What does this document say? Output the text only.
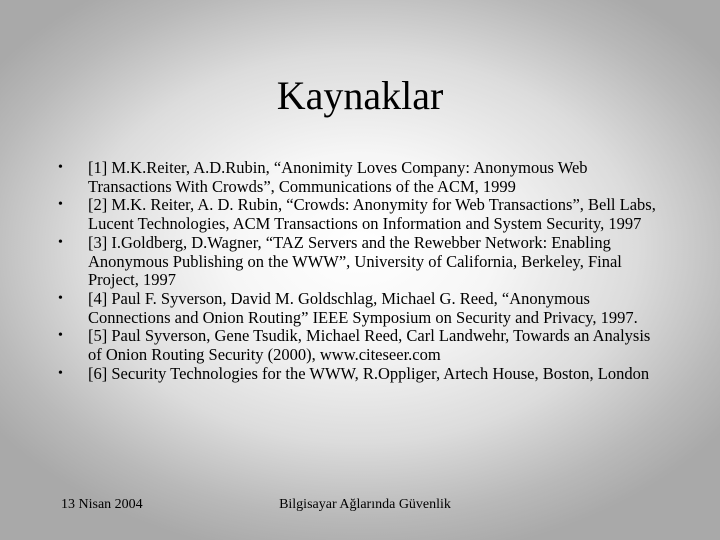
Kaynaklar
• [1] M.K.Reiter, A.D.Rubin, “Anonimity Loves Company: Anonymous Web Transactions With Crowds”, Communications of the ACM, 1999
• [2] M.K. Reiter, A. D. Rubin, “Crowds: Anonymity for Web Transactions”, Bell Labs, Lucent Technologies, ACM Transactions on Information and System Security, 1997
• [3] I.Goldberg, D.Wagner, “TAZ Servers and the Rewebber Network: Enabling Anonymous Publishing on the WWW”, University of California, Berkeley, Final Project, 1997
• [4] Paul F. Syverson, David M. Goldschlag, Michael G. Reed, “Anonymous Connections and Onion Routing” IEEE Symposium on Security and Privacy, 1997.
• [5] Paul Syverson, Gene Tsudik, Michael Reed, Carl Landwehr, Towards an Analysis of Onion Routing Security (2000), www.citeseer.com
• [6] Security Technologies for the WWW, R.Oppliger, Artech House, Boston, London
13 Nisan 2004	Bilgisayar Ağlarında Güvenlik
